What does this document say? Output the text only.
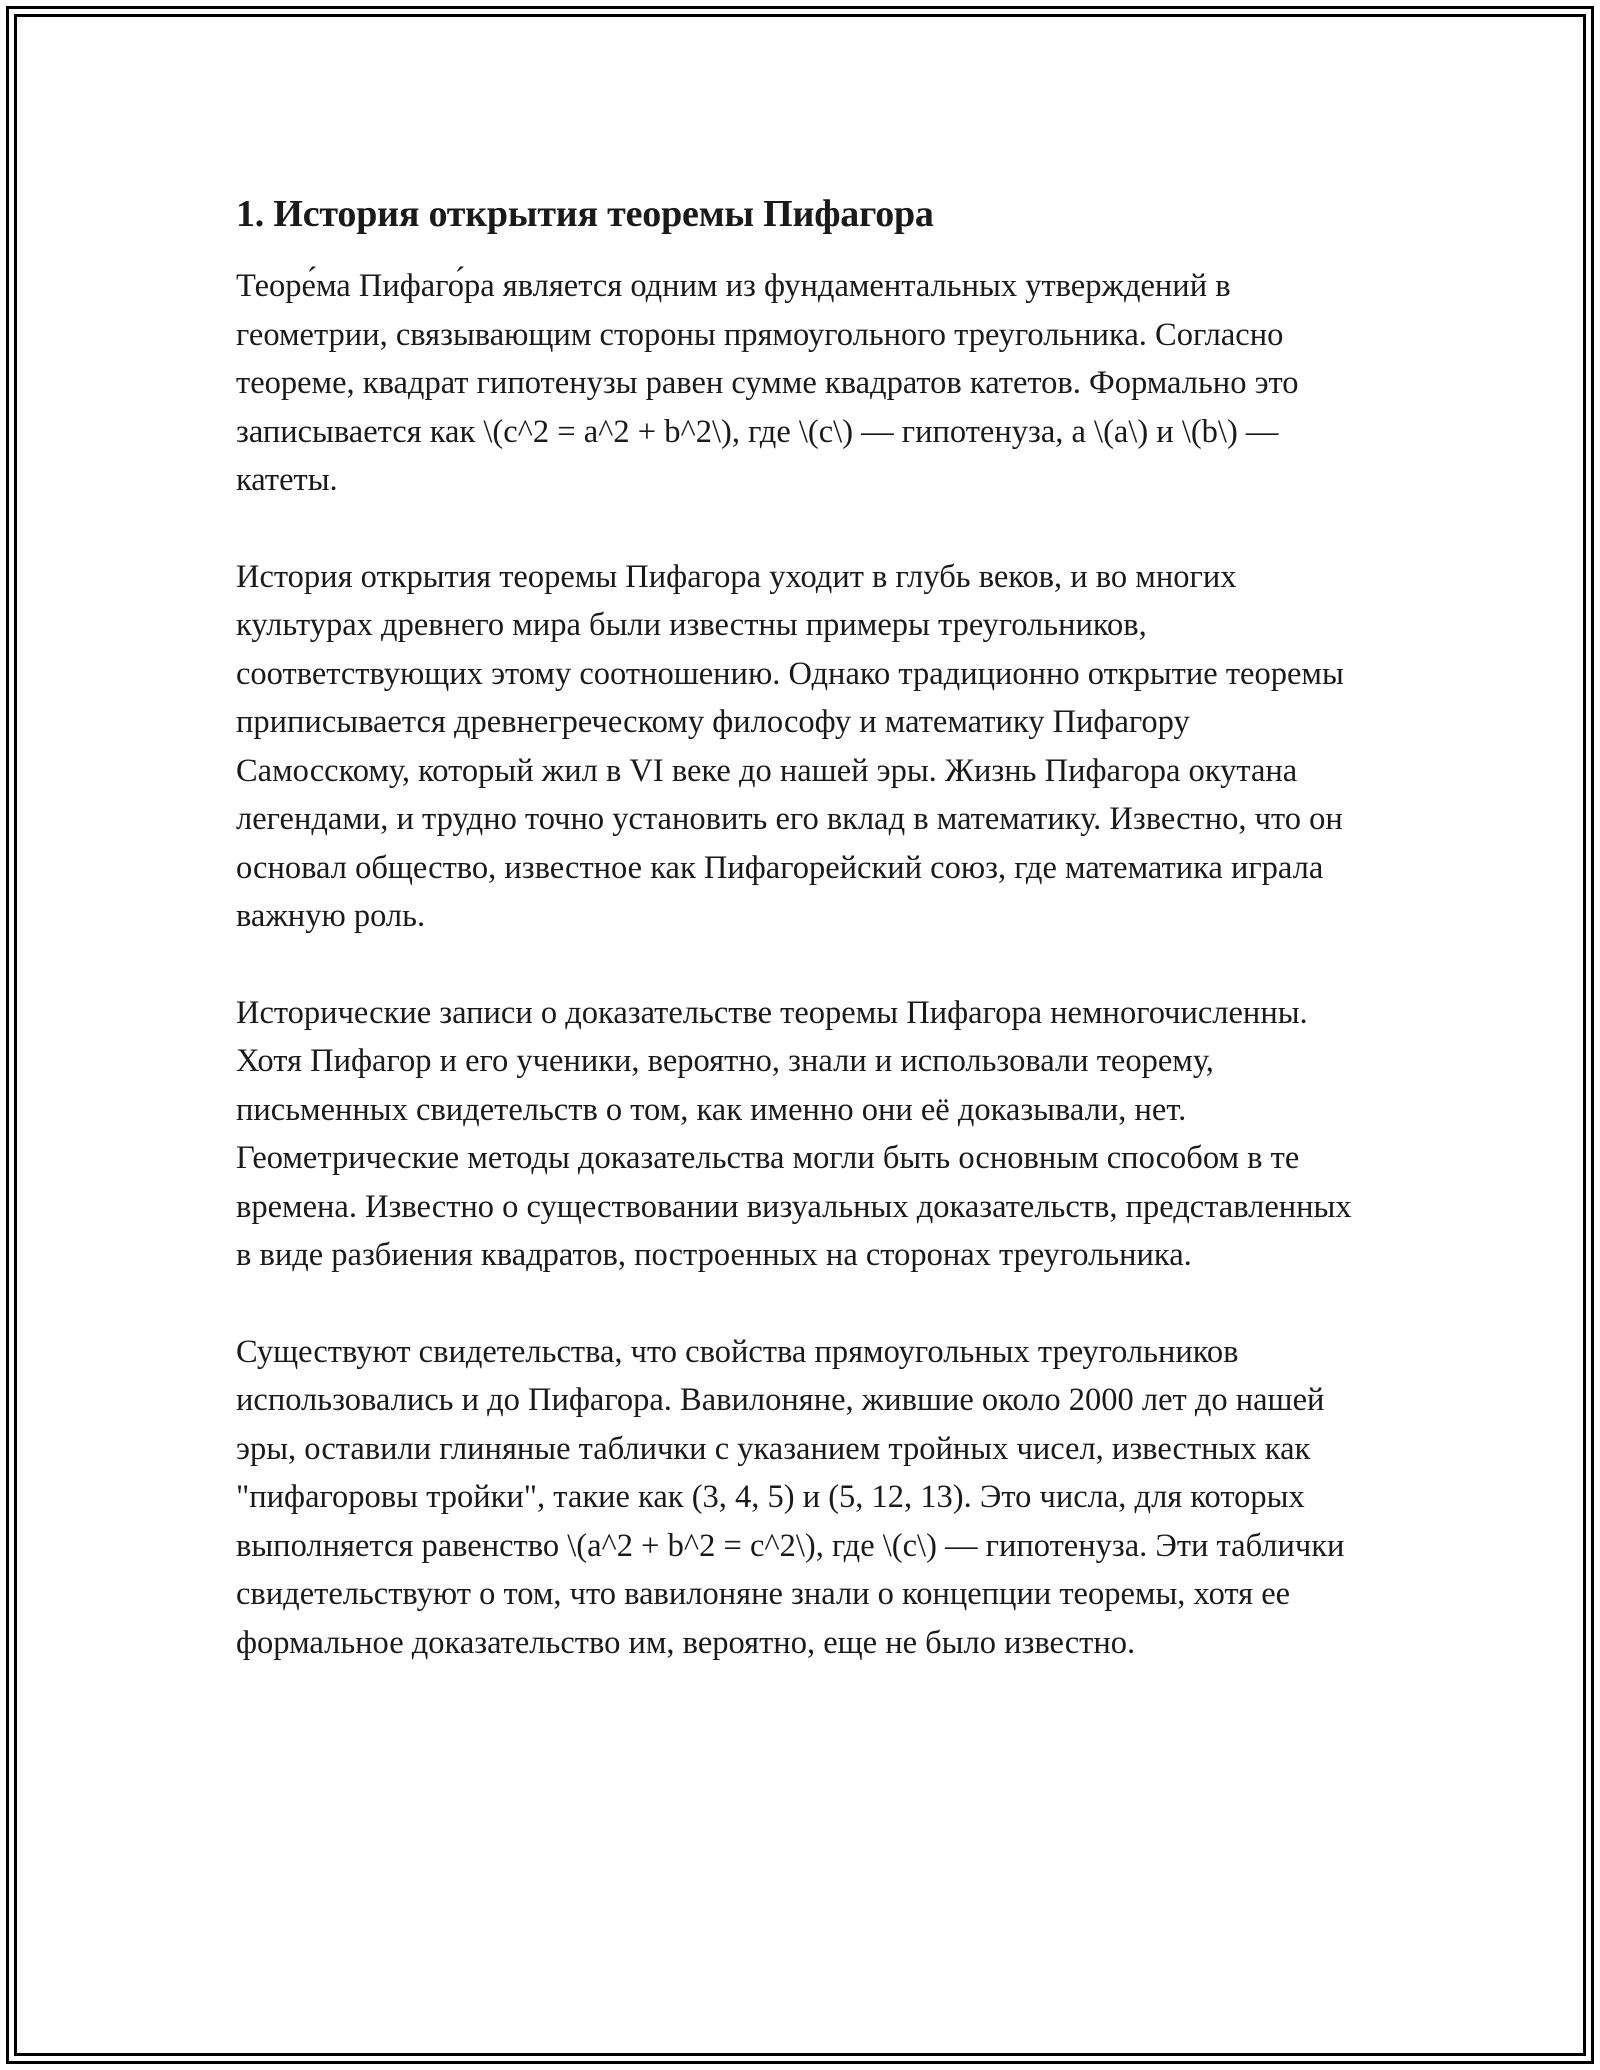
1. История открытия теоремы Пифагора

Теоре́ма Пифаго́ра является одним из фундаментальных утверждений в геометрии, связывающим стороны прямоугольного треугольника. Согласно теореме, квадрат гипотенузы равен сумме квадратов катетов. Формально это записывается как \(c^2 = a^2 + b^2\), где \(c\) — гипотенуза, а \(a\) и \(b\) — катеты.

История открытия теоремы Пифагора уходит в глубь веков, и во многих культурах древнего мира были известны примеры треугольников, соответствующих этому соотношению. Однако традиционно открытие теоремы приписывается древнегреческому философу и математику Пифагору Самосскому, который жил в VI веке до нашей эры. Жизнь Пифагора окутана легендами, и трудно точно установить его вклад в математику. Известно, что он основал общество, известное как Пифагорейский союз, где математика играла важную роль.

Исторические записи о доказательстве теоремы Пифагора немногочисленны. Хотя Пифагор и его ученики, вероятно, знали и использовали теорему, письменных свидетельств о том, как именно они её доказывали, нет. Геометрические методы доказательства могли быть основным способом в те времена. Известно о существовании визуальных доказательств, представленных в виде разбиения квадратов, построенных на сторонах треугольника.

Существуют свидетельства, что свойства прямоугольных треугольников использовались и до Пифагора. Вавилоняне, жившие около 2000 лет до нашей эры, оставили глиняные таблички с указанием тройных чисел, известных как "пифагоровы тройки", такие как (3, 4, 5) и (5, 12, 13). Это числа, для которых выполняется равенство \(a^2 + b^2 = c^2\), где \(c\) — гипотенуза. Эти таблички свидетельствуют о том, что вавилоняне знали о концепции теоремы, хотя ее формальное доказательство им, вероятно, еще не было известно.
